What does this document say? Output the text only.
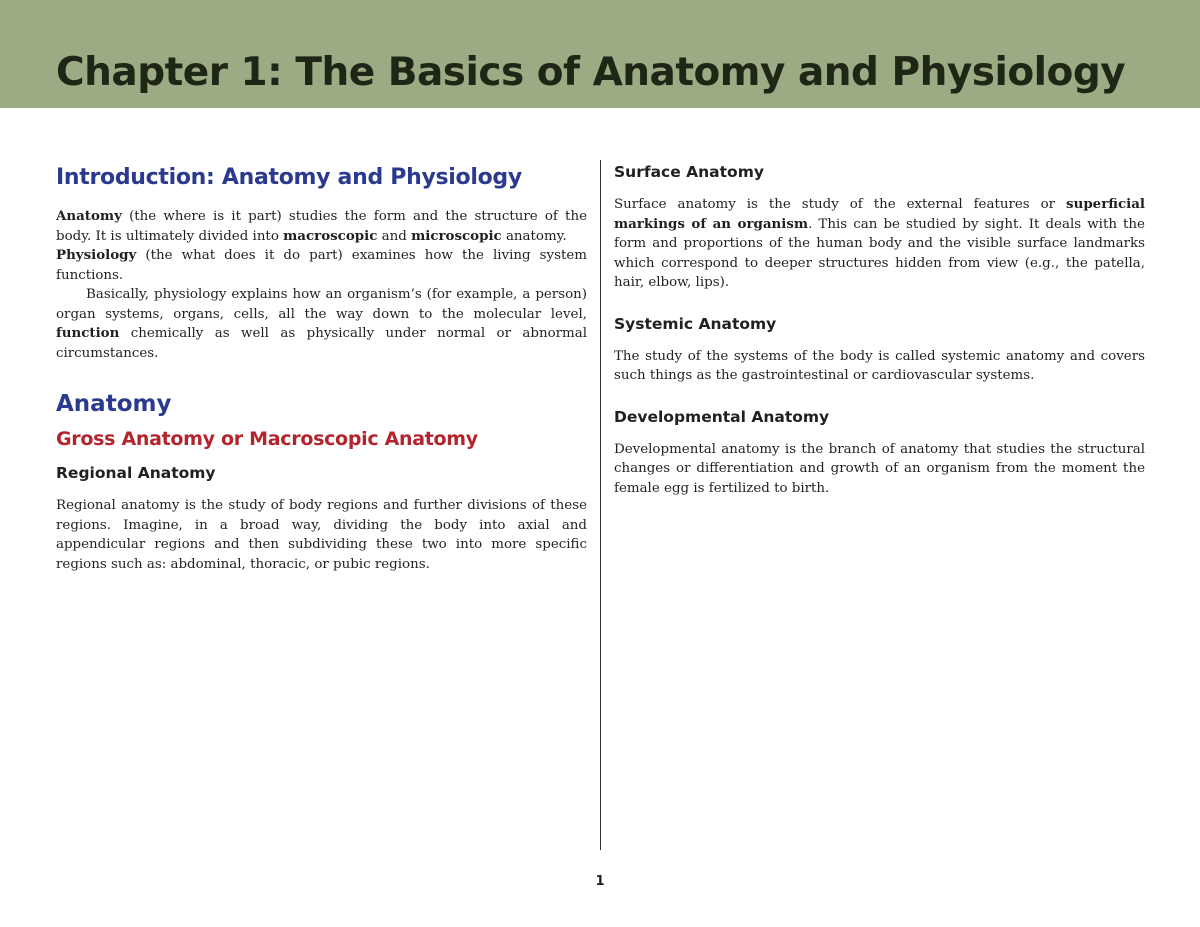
Chapter 1: The Basics of Anatomy and Physiology
Introduction: Anatomy and Physiology

Anatomy (the where is it part) studies the form and the structure of the body. It is ultimately divided into macroscopic and microscopic anatomy.

Physiology (the what does it do part) examines how the living system functions.

Basically, physiology explains how an organism’s (for example, a person) organ systems, organs, cells, all the way down to the molecular level, function chemically as well as physically under normal or abnormal circumstances.

Anatomy
Gross Anatomy or Macroscopic Anatomy
Regional Anatomy

Regional anatomy is the study of body regions and further divisions of these regions. Imagine, in a broad way, dividing the body into axial and appendicular regions and then subdividing these two into more specific regions such as: abdominal, thoracic, or pubic regions.

Surface Anatomy

Surface anatomy is the study of the external features or superficial markings of an organism. This can be studied by sight. It deals with the form and proportions of the human body and the visible surface landmarks which correspond to deeper structures hidden from view (e.g., the patella, hair, elbow, lips).

Systemic Anatomy

The study of the systems of the body is called systemic anatomy and covers such things as the gastrointestinal or cardiovascular systems.

Developmental Anatomy

Developmental anatomy is the branch of anatomy that studies the structural changes or differentiation and growth of an organism from the moment the female egg is fertilized to birth.

1
